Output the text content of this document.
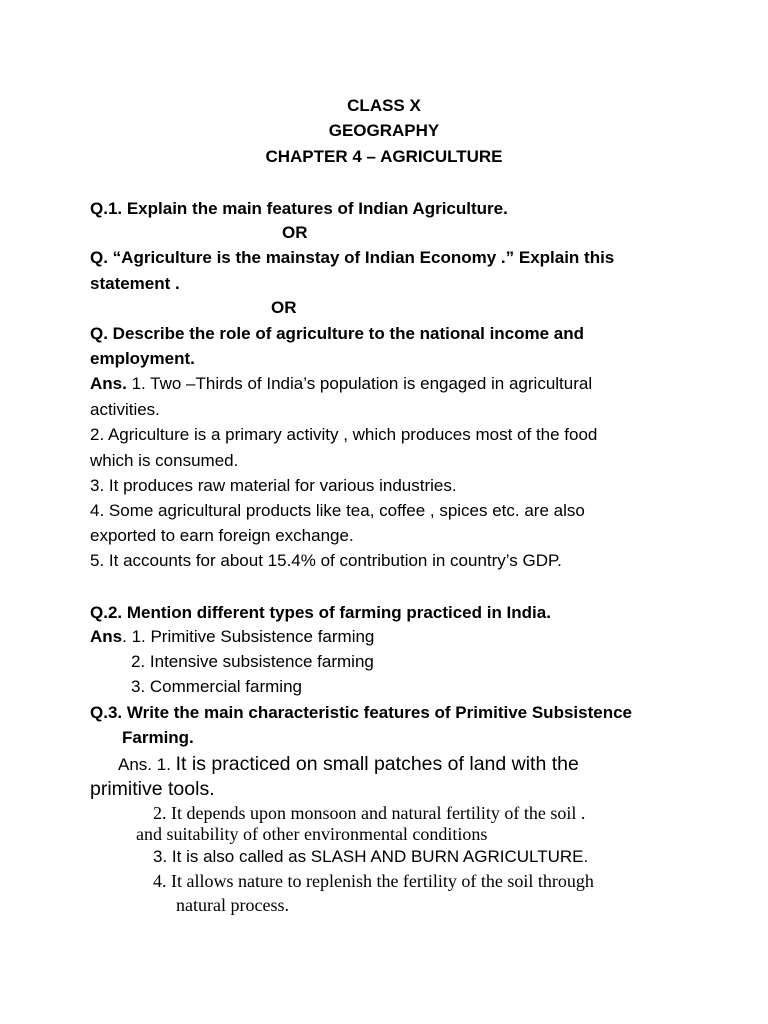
CLASS X
GEOGRAPHY
CHAPTER 4 – AGRICULTURE
Q.1. Explain the main features of Indian Agriculture.
OR
Q. “Agriculture is the mainstay of Indian Economy .” Explain this
statement .
OR
Q. Describe the role of agriculture to the national income and
employment.
Ans. 1. Two –Thirds of India’s population is engaged in agricultural
activities.
2. Agriculture is a primary activity , which produces most of the food
which is consumed.
3. It produces raw material for various industries.
4. Some agricultural products like tea, coffee , spices etc. are also
exported to earn foreign exchange.
5. It accounts for about 15.4% of contribution in country’s GDP.
Q.2. Mention different types of farming practiced in India.
Ans. 1. Primitive Subsistence farming
2. Intensive subsistence farming
3. Commercial farming
Q.3. Write the main characteristic features of Primitive Subsistence
Farming.
Ans. 1. It is practiced on small patches of land with the
primitive tools.
2. It depends upon monsoon and natural fertility of the soil .
and suitability of other environmental conditions
3. It is also called as SLASH AND BURN AGRICULTURE.
4. It allows nature to replenish the fertility of the soil through
natural process.
